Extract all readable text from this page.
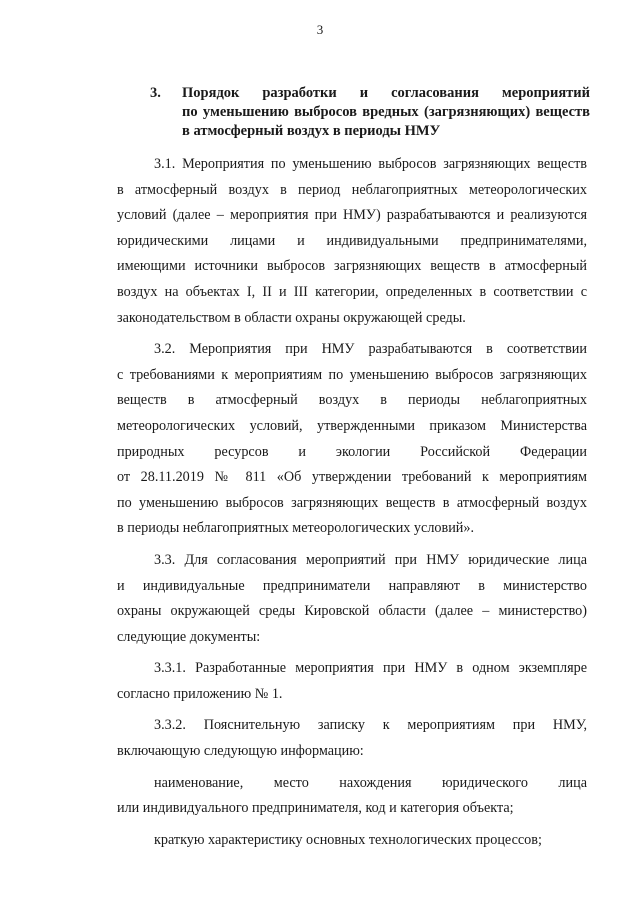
3
3.	Порядок разработки и согласования мероприятий
по уменьшению выбросов вредных (загрязняющих) веществ
в атмосферный воздух в периоды НМУ
3.1. Мероприятия по уменьшению выбросов загрязняющих веществ
в атмосферный воздух в период неблагоприятных метеорологических
условий (далее – мероприятия при НМУ) разрабатываются и реализуются
юридическими лицами и индивидуальными предпринимателями,
имеющими источники выбросов загрязняющих веществ в атмосферный
воздух на объектах I, II и III категории, определенных в соответствии с
законодательством в области охраны окружающей среды.
3.2. Мероприятия при НМУ разрабатываются в соответствии
с требованиями к мероприятиям по уменьшению выбросов загрязняющих
веществ в атмосферный воздух в периоды неблагоприятных
метеорологических условий, утвержденными приказом Министерства
природных ресурсов и экологии Российской Федерации
от 28.11.2019 № 811 «Об утверждении требований к мероприятиям
по уменьшению выбросов загрязняющих веществ в атмосферный воздух
в периоды неблагоприятных метеорологических условий».
3.3. Для согласования мероприятий при НМУ юридические лица
и индивидуальные предприниматели направляют в министерство
охраны окружающей среды Кировской области (далее – министерство)
следующие документы:
3.3.1. Разработанные мероприятия при НМУ в одном экземпляре
согласно приложению № 1.
3.3.2. Пояснительную записку к мероприятиям при НМУ,
включающую следующую информацию:
наименование, место нахождения юридического лица
или индивидуального предпринимателя, код и категория объекта;
краткую характеристику основных технологических процессов;
